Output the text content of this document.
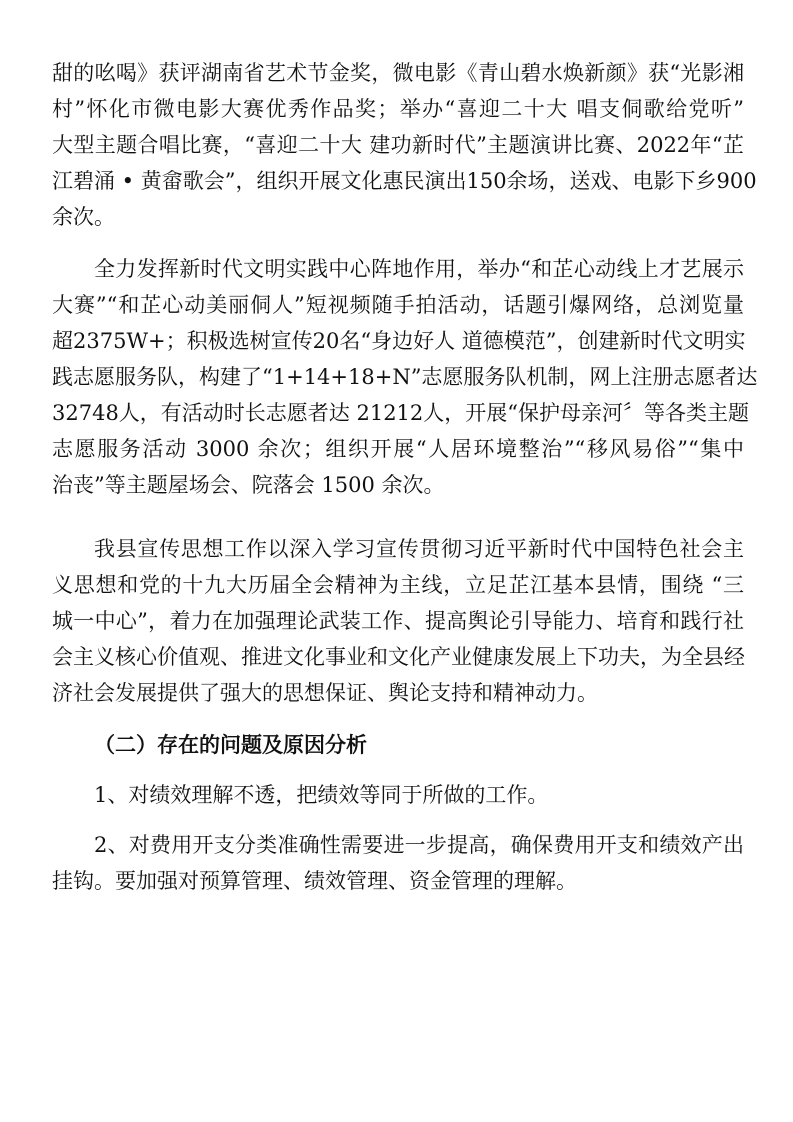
甜的吆喝》获评湖南省艺术节金奖，微电影《青山碧水焕新颜》获“光影湘
村”怀化市微电影大赛优秀作品奖；举办“喜迎二十大 唱支侗歌给党听”
大型主题合唱比赛，“喜迎二十大 建功新时代”主题演讲比赛、2022年“芷
江碧涌 • 黄畲歌会”，组织开展文化惠民演出150余场，送戏、电影下乡900
余次。
全力发挥新时代文明实践中心阵地作用，举办“和芷心动线上才艺展示
大赛”“和芷心动美丽侗人”短视频随手拍活动，话题引爆网络，总浏览量
超2375W+；积极选树宣传20名“身边好人 道德模范”，创建新时代文明实
践志愿服务队，构建了“1+14+18+N”志愿服务队机制，网上注册志愿者达
32748人，有活动时长志愿者达 21212人，开展“保护母亲河〞等各类主题
志愿服务活动 3000 余次；组织开展“人居环境整治”“移风易俗”“集中
治丧”等主题屋场会、院落会 1500 余次。
我县宣传思想工作以深入学习宣传贯彻习近平新时代中国特色社会主
义思想和党的十九大历届全会精神为主线，立足芷江基本县情，围绕 “三
城一中心”，着力在加强理论武装工作、提高舆论引导能力、培育和践行社
会主义核心价值观、推进文化事业和文化产业健康发展上下功夫，为全县经
济社会发展提供了强大的思想保证、舆论支持和精神动力。
（二）存在的问题及原因分析
1、对绩效理解不透，把绩效等同于所做的工作。
2、对费用开支分类准确性需要进一步提高，确保费用开支和绩效产出
挂钩。要加强对预算管理、绩效管理、资金管理的理解。
